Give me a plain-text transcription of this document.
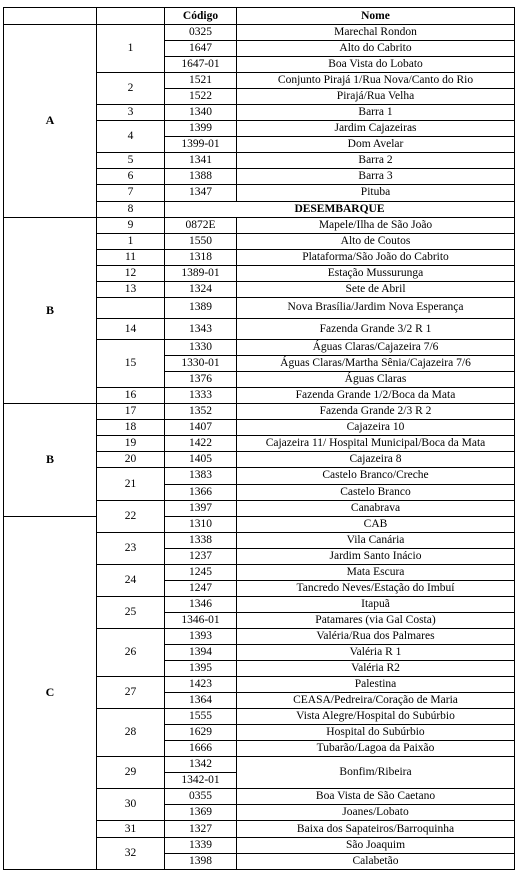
		Código	Nome
A	1	0325	Marechal Rondon
		1647	Alto do Cabrito
		1647-01	Boa Vista do Lobato
	2	1521	Conjunto Pirajá 1/Rua Nova/Canto do Rio
		1522	Pirajá/Rua Velha
	3	1340	Barra 1
	4	1399	Jardim Cajazeiras
		1399-01	Dom Avelar
	5	1341	Barra 2
	6	1388	Barra 3
	7	1347	Pituba
	8	DESEMBARQUE	
B	9	0872E	Mapele/Ilha de São João
	1	1550	Alto de Coutos
	11	1318	Plataforma/São João do Cabrito
	12	1389-01	Estação Mussurunga
	13	1324	Sete de Abril
		1389	Nova Brasília/Jardim Nova Esperança
	14	1343	Fazenda Grande 3/2 R 1
	15	1330	Águas Claras/Cajazeira 7/6
		1330-01	Águas Claras/Martha Sênia/Cajazeira 7/6
		1376	Águas Claras
	16	1333	Fazenda Grande 1/2/Boca da Mata
B	17	1352	Fazenda Grande 2/3 R 2
	18	1407	Cajazeira 10
	19	1422	Cajazeira 11/ Hospital Municipal/Boca da Mata
	20	1405	Cajazeira 8
	21	1383	Castelo Branco/Creche
		1366	Castelo Branco
	22	1397	Canabrava
C		1310	CAB
	23	1338	Vila Canária
		1237	Jardim Santo Inácio
	24	1245	Mata Escura
		1247	Tancredo Neves/Estação do Imbuí
	25	1346	Itapuã
		1346-01	Patamares (via Gal Costa)
	26	1393	Valéria/Rua dos Palmares
		1394	Valéria R 1
		1395	Valéria R2
	27	1423	Palestina
		1364	CEASA/Pedreira/Coração de Maria
	28	1555	Vista Alegre/Hospital do Subúrbio
		1629	Hospital do Subúrbio
		1666	Tubarão/Lagoa da Paixão
	29	1342	Bonfim/Ribeira
		1342-01	
	30	0355	Boa Vista de São Caetano
		1369	Joanes/Lobato
	31	1327	Baixa dos Sapateiros/Barroquinha
	32	1339	São Joaquim
		1398	Calabetão
